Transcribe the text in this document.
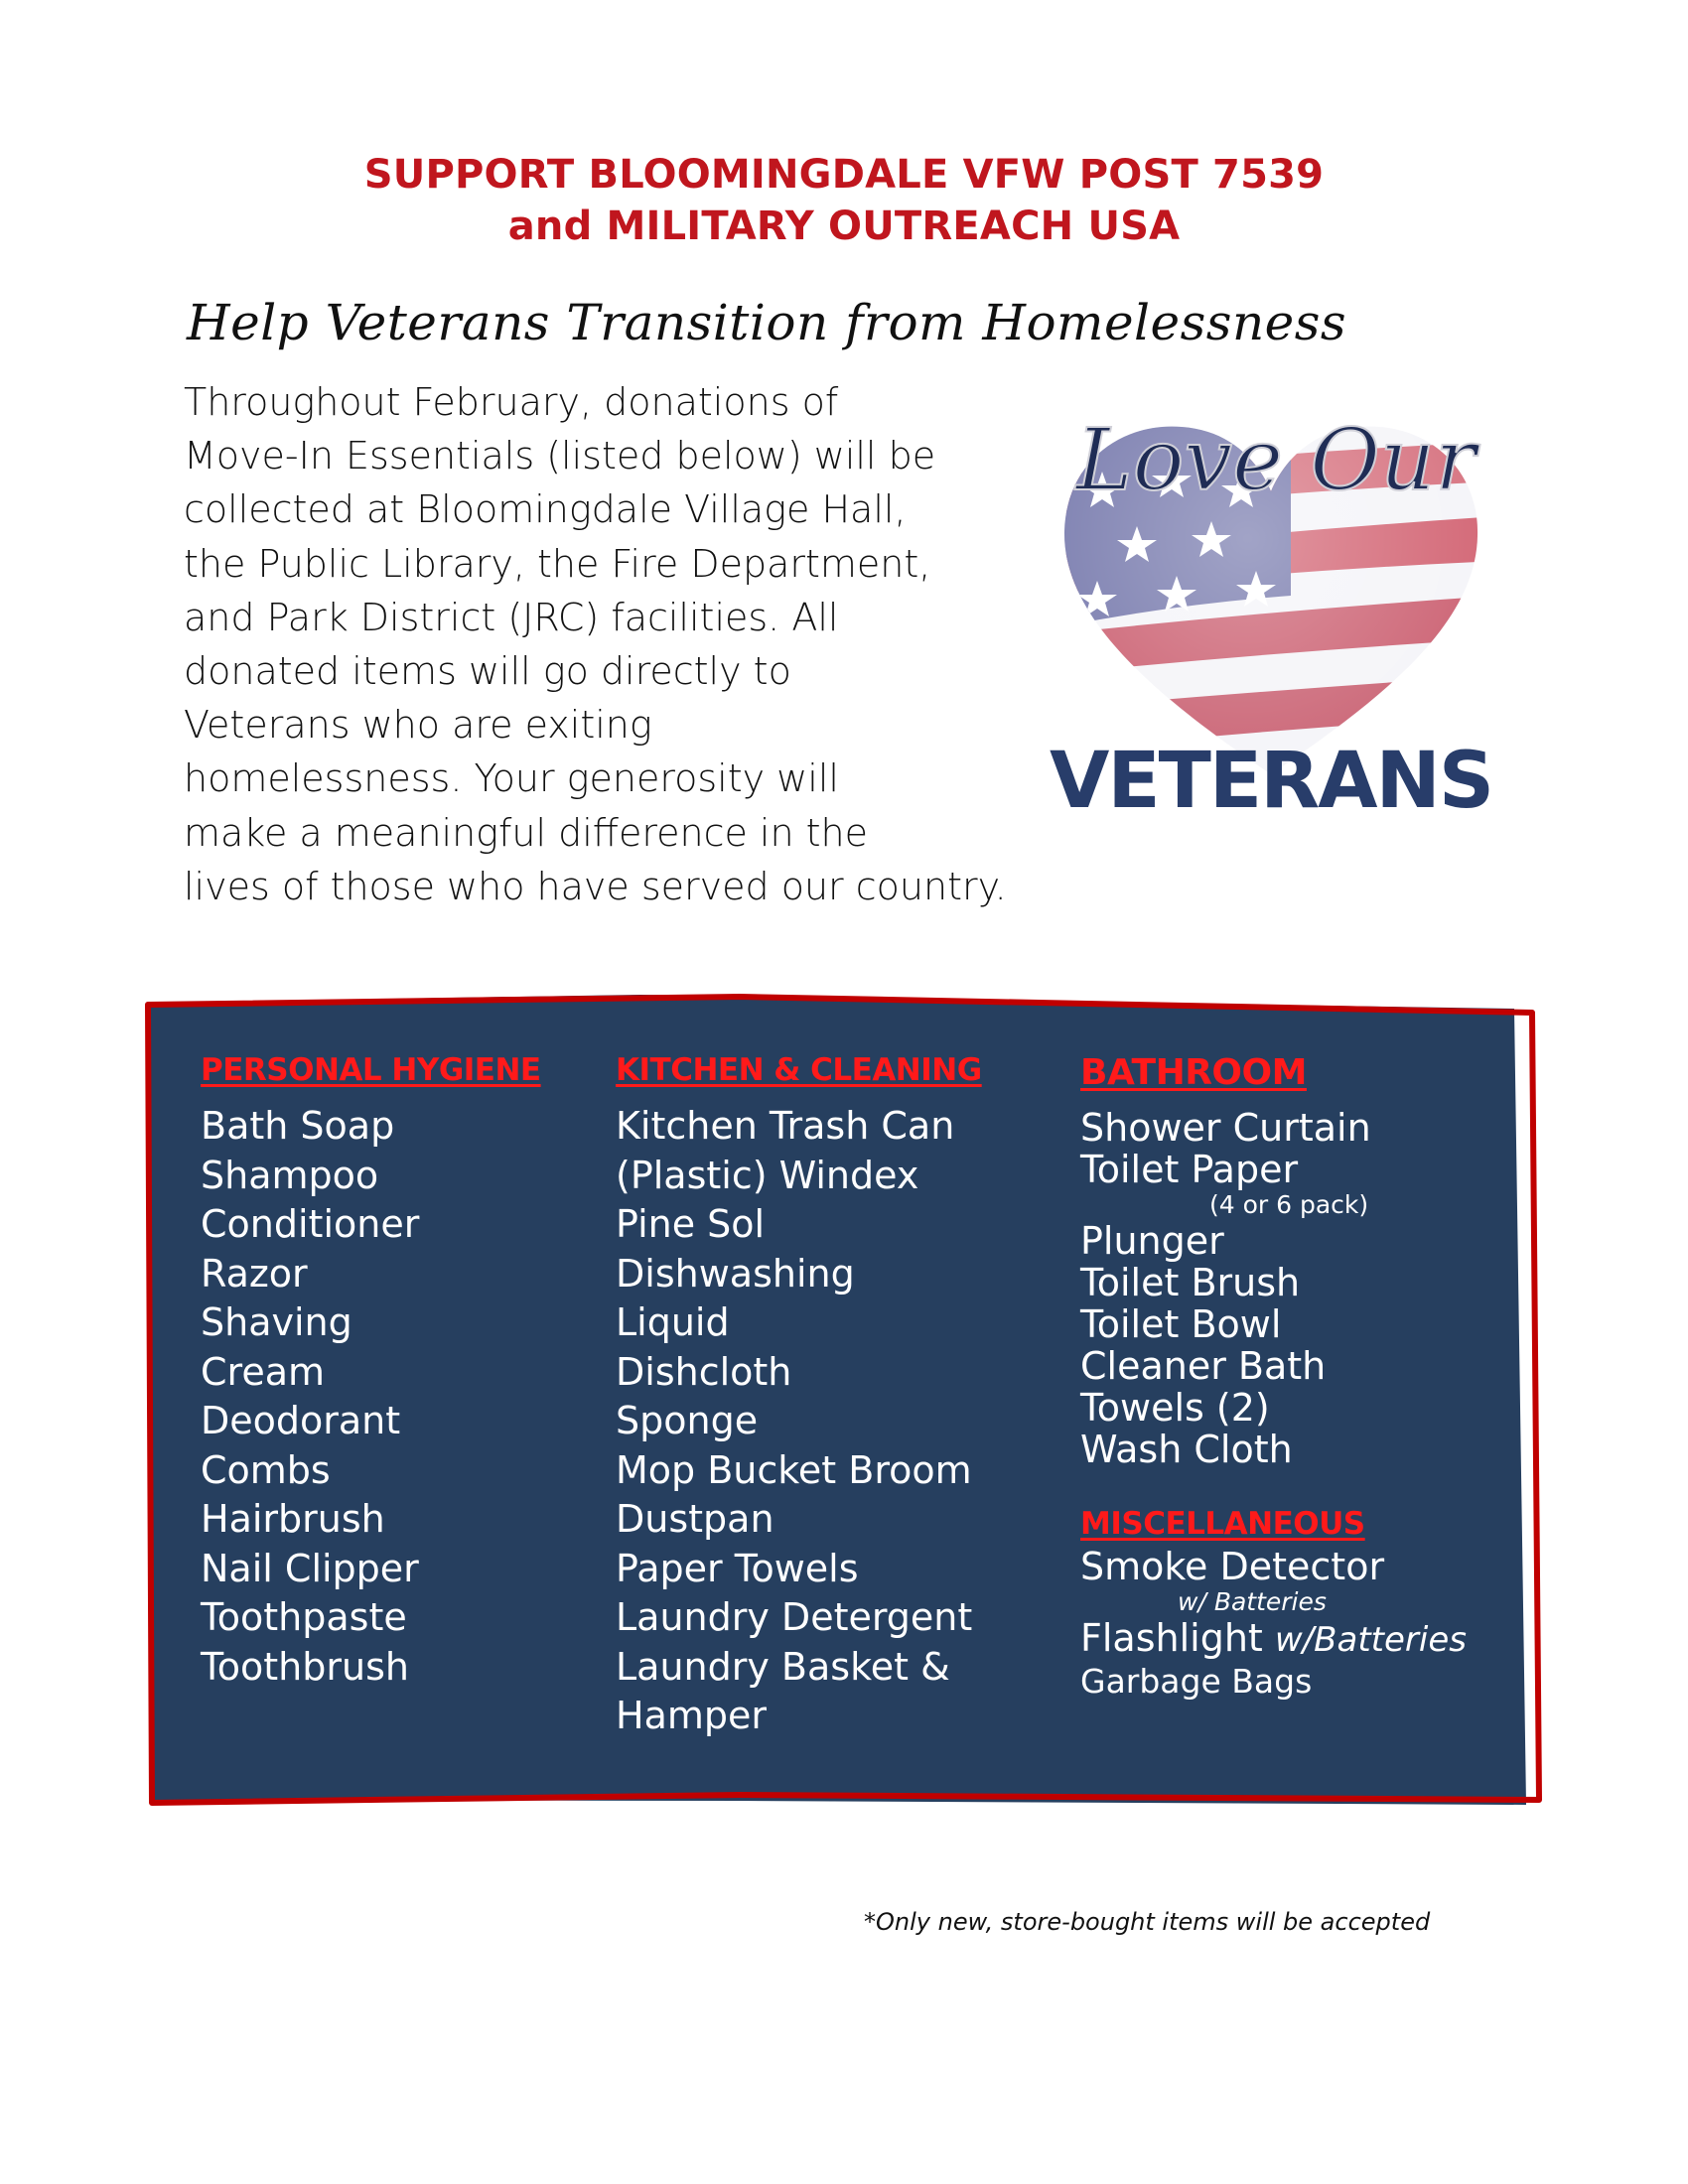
SUPPORT BLOOMINGDALE VFW POST 7539
and MILITARY OUTREACH USA
Help Veterans Transition from Homelessness
Throughout February, donations of
Move-In Essentials (listed below) will be
collected at Bloomingdale Village Hall,
the Public Library, the Fire Department,
and Park District (JRC) facilities. All
donated items will go directly to
Veterans who are exiting
homelessness. Your generosity will
make a meaningful difference in the
lives of those who have served our country.
Love Our
VETERANS
PERSONAL HYGIENE
Bath Soap
Shampoo
Conditioner
Razor
Shaving
Cream
Deodorant
Combs
Hairbrush
Nail Clipper
Toothpaste
Toothbrush
KITCHEN & CLEANING
Kitchen Trash Can
(Plastic) Windex
Pine Sol
Dishwashing
Liquid
Dishcloth
Sponge
Mop Bucket Broom
Dustpan
Paper Towels
Laundry Detergent
Laundry Basket &
Hamper
BATHROOM
Shower Curtain
Toilet Paper
(4 or 6 pack)
Plunger
Toilet Brush
Toilet Bowl
Cleaner Bath
Towels (2)
Wash Cloth
MISCELLANEOUS
Smoke Detector
w/ Batteries
Flashlight w/Batteries
Garbage Bags
*Only new, store-bought items will be accepted
